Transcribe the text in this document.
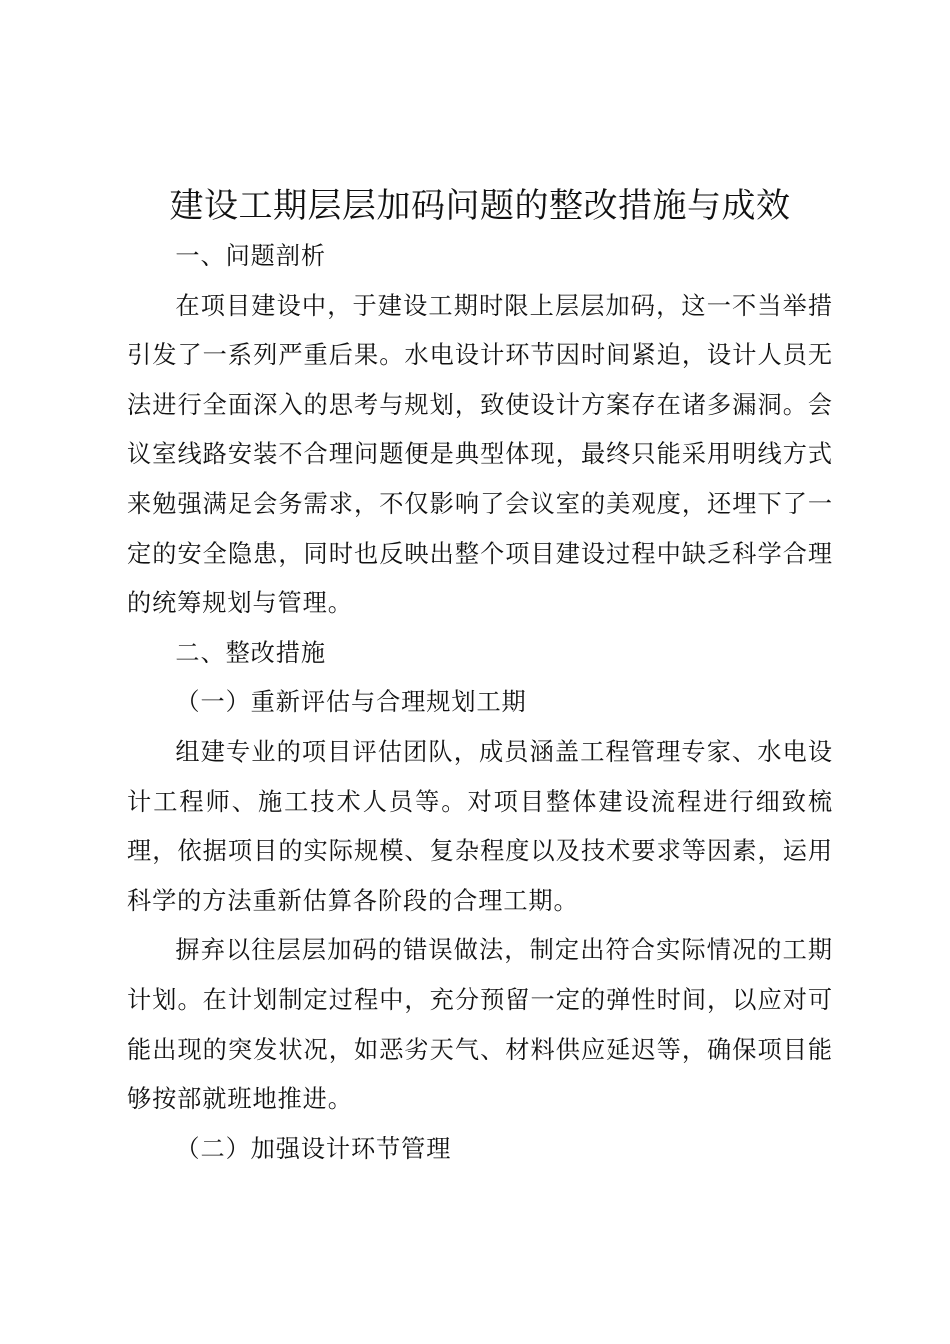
建设工期层层加码问题的整改措施与成效

一、问题剖析

在项目建设中，于建设工期时限上层层加码，这一不当举措引发了一系列严重后果。水电设计环节因时间紧迫，设计人员无法进行全面深入的思考与规划，致使设计方案存在诸多漏洞。会议室线路安装不合理问题便是典型体现，最终只能采用明线方式来勉强满足会务需求，不仅影响了会议室的美观度，还埋下了一定的安全隐患，同时也反映出整个项目建设过程中缺乏科学合理的统筹规划与管理。

二、整改措施

（一）重新评估与合理规划工期

组建专业的项目评估团队，成员涵盖工程管理专家、水电设计工程师、施工技术人员等。对项目整体建设流程进行细致梳理，依据项目的实际规模、复杂程度以及技术要求等因素，运用科学的方法重新估算各阶段的合理工期。

摒弃以往层层加码的错误做法，制定出符合实际情况的工期计划。在计划制定过程中，充分预留一定的弹性时间，以应对可能出现的突发状况，如恶劣天气、材料供应延迟等，确保项目能够按部就班地推进。

（二）加强设计环节管理
